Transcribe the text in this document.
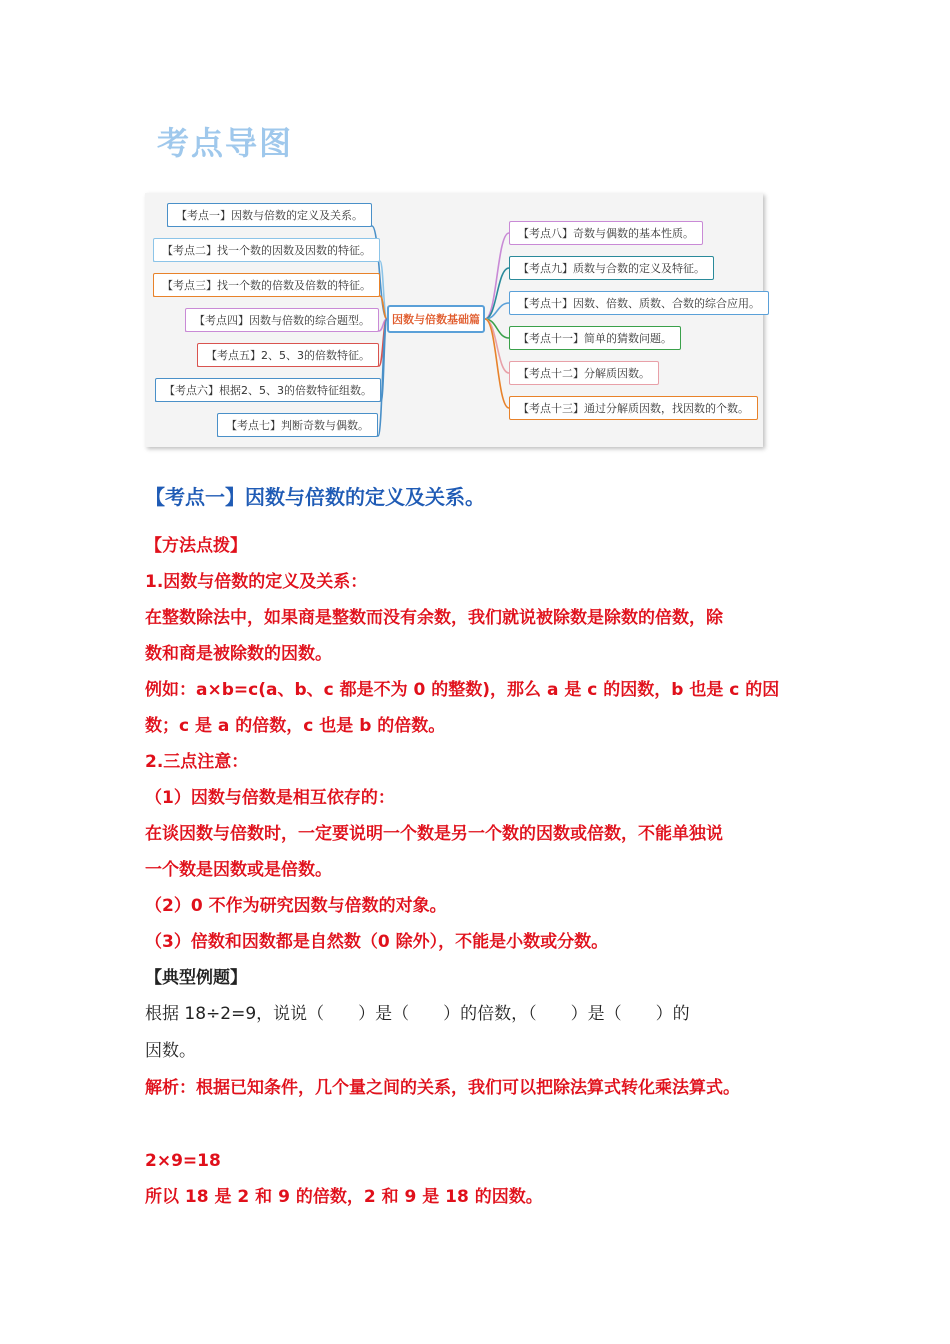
考点导图
因数与倍数基础篇
【考点一】因数与倍数的定义及关系。
【考点二】找一个数的因数及因数的特征。
【考点三】找一个数的倍数及倍数的特征。
【考点四】因数与倍数的综合题型。
【考点五】2、5、3的倍数特征。
【考点六】根据2、5、3的倍数特征组数。
【考点七】判断奇数与偶数。
【考点八】奇数与偶数的基本性质。
【考点九】质数与合数的定义及特征。
【考点十】因数、倍数、质数、合数的综合应用。
【考点十一】简单的猜数问题。
【考点十二】分解质因数。
【考点十三】通过分解质因数，找因数的个数。
【考点一】因数与倍数的定义及关系。
【方法点拨】
1.因数与倍数的定义及关系：
在整数除法中，如果商是整数而没有余数，我们就说被除数是除数的倍数，除
数和商是被除数的因数。
例如：a×b=c(a、b、c 都是不为 0 的整数)，那么 a 是 c 的因数，b 也是 c 的因
数；c 是 a 的倍数，c 也是 b 的倍数。
2.三点注意：
（1）因数与倍数是相互依存的：
在谈因数与倍数时，一定要说明一个数是另一个数的因数或倍数，不能单独说
一个数是因数或是倍数。
（2）0 不作为研究因数与倍数的对象。
（3）倍数和因数都是自然数（0 除外），不能是小数或分数。
【典型例题】
根据 18÷2=9，说说（　　）是（　　）的倍数，（　　）是（　　）的
因数。
解析：根据已知条件，几个量之间的关系，我们可以把除法算式转化乘法算式。
2×9=18
所以 18 是 2 和 9 的倍数，2 和 9 是 18 的因数。
